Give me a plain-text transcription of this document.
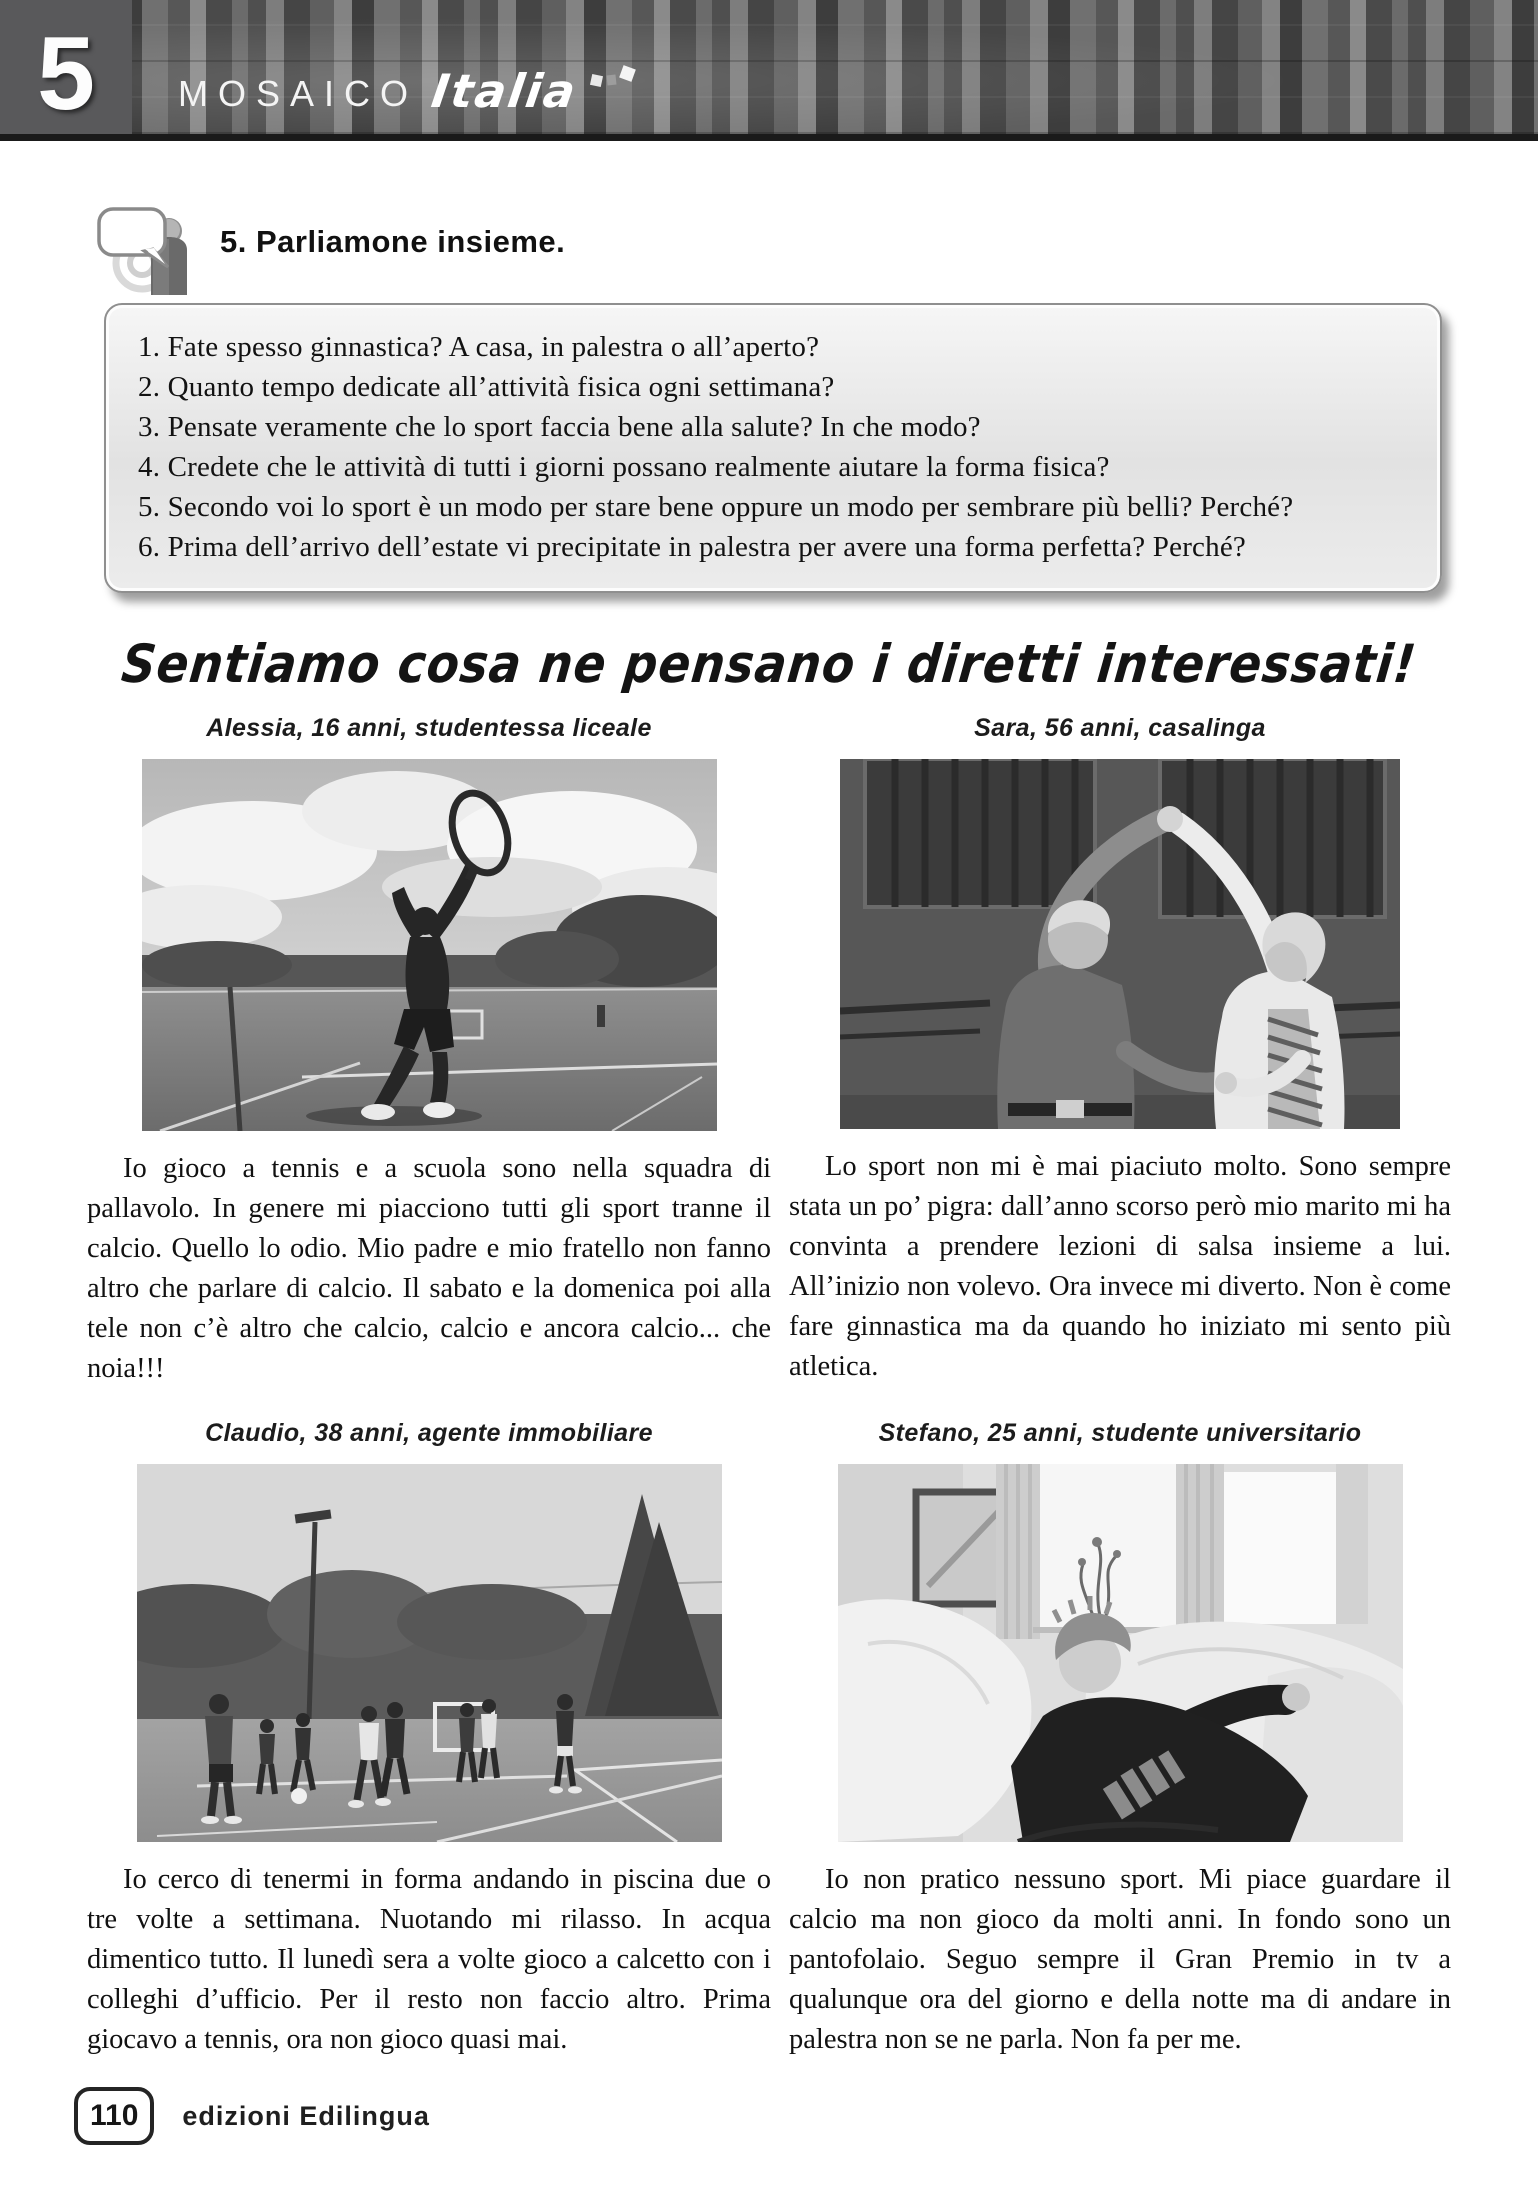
5 MOSAICO Italia
5. Parliamone insieme.

1. Fate spesso ginnastica? A casa, in palestra o all’aperto?

2. Quanto tempo dedicate all’attività fisica ogni settimana?

3. Pensate veramente che lo sport faccia bene alla salute? In che modo?

4. Credete che le attività di tutti i giorni possano realmente aiutare la forma fisica?

5. Secondo voi lo sport è un modo per stare bene oppure un modo per sembrare più belli? Perché?

6. Prima dell’arrivo dell’estate vi precipitate in palestra per avere una forma perfetta? Perché?

Sentiamo cosa ne pensano i diretti interessati!
Alessia, 16 anni, studentessa liceale

Io gioco a tennis e a scuola sono nella squadra di pallavolo. In genere mi piacciono tutti gli sport tranne il calcio. Quello lo odio. Mio padre e mio fratello non fanno altro che parlare di calcio. Il sabato e la domenica poi alla tele non c’è altro che calcio, calcio e ancora calcio... che noia!!!

Sara, 56 anni, casalinga

Lo sport non mi è mai piaciuto molto. Sono sempre stata un po’ pigra: dall’anno scorso però mio marito mi ha convinta a prendere lezioni di salsa insieme a lui. All’inizio non volevo. Ora invece mi diverto. Non è come fare ginnastica ma da quando ho iniziato mi sento più atletica.

Claudio, 38 anni, agente immobiliare

Io cerco di tenermi in forma andando in piscina due o tre volte a settimana. Nuotando mi rilasso. In acqua dimentico tutto. Il lunedì sera a volte gioco a calcetto con i colleghi d’ufficio. Per il resto non faccio altro. Prima giocavo a tennis, ora non gioco quasi mai.

Stefano, 25 anni, studente universitario

Io non pratico nessuno sport. Mi piace guardare il calcio ma non gioco da molti anni. In fondo sono un pantofolaio. Seguo sempre il Gran Premio in tv a qualunque ora del giorno e della notte ma di andare in palestra non se ne parla. Non fa per me.

110	edizioni Edilingua
